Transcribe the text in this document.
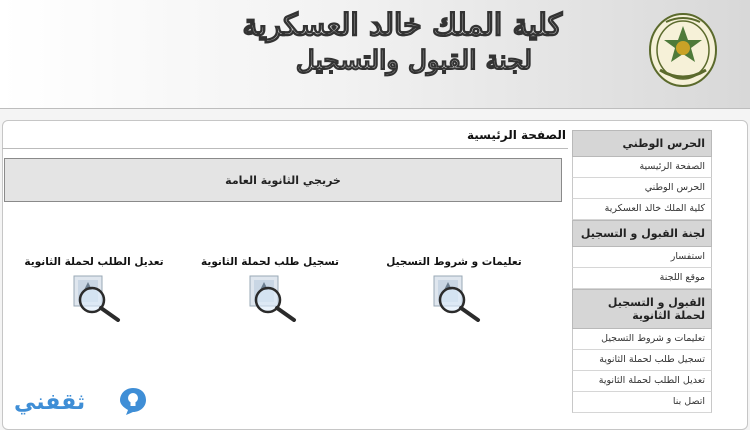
كلية الملك خالد العسكرية
لجنة القبول والتسجيل
الصفحة الرئيسية
خريجي الثانوية العامة
تعليمات و شروط التسجيل
تسجيل طلب لحملة الثانوية
تعديل الطلب لحملة الثانوية
الحرس الوطني
الصفحة الرئيسية
الحرس الوطني
كلية الملك خالد العسكرية
لجنة القبول و التسجيل
استفسار
موقع اللجنة
القبول و التسجيل لحملة الثانوية
تعليمات و شروط التسجيل
تسجيل طلب لحملة الثانوية
تعديل الطلب لحملة الثانوية
اتصل بنا
ثقفني
